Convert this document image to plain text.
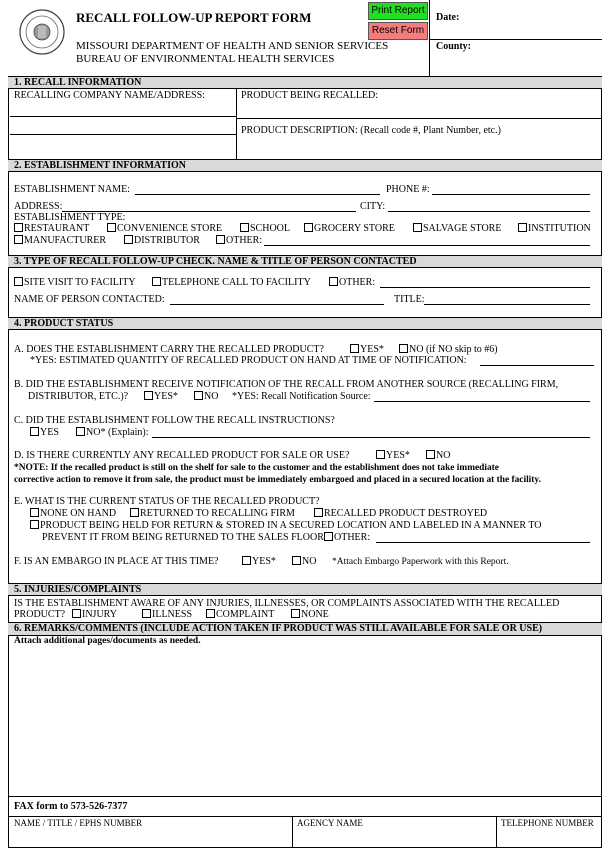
RECALL FOLLOW-UP REPORT FORM
MISSOURI DEPARTMENT OF HEALTH AND SENIOR SERVICES
BUREAU OF ENVIRONMENTAL HEALTH SERVICES
Print Report
Reset Form
Date:
County:
1. RECALL INFORMATION
RECALLING COMPANY NAME/ADDRESS:	PRODUCT BEING RECALLED:
PRODUCT DESCRIPTION: (Recall code #, Plant Number, etc.)
2. ESTABLISHMENT INFORMATION
ESTABLISHMENT NAME:	PHONE #:
ADDRESS:	CITY:
ESTABLISHMENT TYPE:
RESTAURANT	CONVENIENCE STORE	SCHOOL	GROCERY STORE	SALVAGE STORE	INSTITUTION
MANUFACTURER	DISTRIBUTOR	OTHER:
3. TYPE OF RECALL FOLLOW-UP CHECK. NAME & TITLE OF PERSON CONTACTED
SITE VISIT TO FACILITY	TELEPHONE CALL TO FACILITY	OTHER:
NAME OF PERSON CONTACTED:	TITLE:
4. PRODUCT STATUS
A. DOES THE ESTABLISHMENT CARRY THE RECALLED PRODUCT?	YES*	NO (if NO skip to #6)
*YES: ESTIMATED QUANTITY OF RECALLED PRODUCT ON HAND AT TIME OF NOTIFICATION:
B. DID THE ESTABLISHMENT RECEIVE NOTIFICATION OF THE RECALL FROM ANOTHER SOURCE (RECALLING FIRM,
DISTRIBUTOR, ETC.)?	YES*	NO *YES: Recall Notification Source:
C. DID THE ESTABLISHMENT FOLLOW THE RECALL INSTRUCTIONS?
YES	NO* (Explain):
D. IS THERE CURRENTLY ANY RECALLED PRODUCT FOR SALE OR USE?	YES*	NO
*NOTE: If the recalled product is still on the shelf for sale to the customer and the establishment does not take immediate
corrective action to remove it from sale, the product must be immediately embargoed and placed in a secured location at the facility.
E. WHAT IS THE CURRENT STATUS OF THE RECALLED PRODUCT?
NONE ON HAND	RETURNED TO RECALLING FIRM	RECALLED PRODUCT DESTROYED
PRODUCT BEING HELD FOR RETURN & STORED IN A SECURED LOCATION AND LABELED IN A MANNER TO
PREVENT IT FROM BEING RETURNED TO THE SALES FLOOR	OTHER:
F. IS AN EMBARGO IN PLACE AT THIS TIME?	YES*	NO *Attach Embargo Paperwork with this Report.
5. INJURIES/COMPLAINTS
IS THE ESTABLISHMENT AWARE OF ANY INJURIES, ILLNESSES, OR COMPLAINTS ASSOCIATED WITH THE RECALLED
PRODUCT?	INJURY	ILLNESS	COMPLAINT	NONE
6. REMARKS/COMMENTS (INCLUDE ACTION TAKEN IF PRODUCT WAS STILL AVAILABLE FOR SALE OR USE)
Attach additional pages/documents as needed.
FAX form to 573-526-7377
NAME / TITLE / EPHS NUMBER	AGENCY NAME	TELEPHONE NUMBER
